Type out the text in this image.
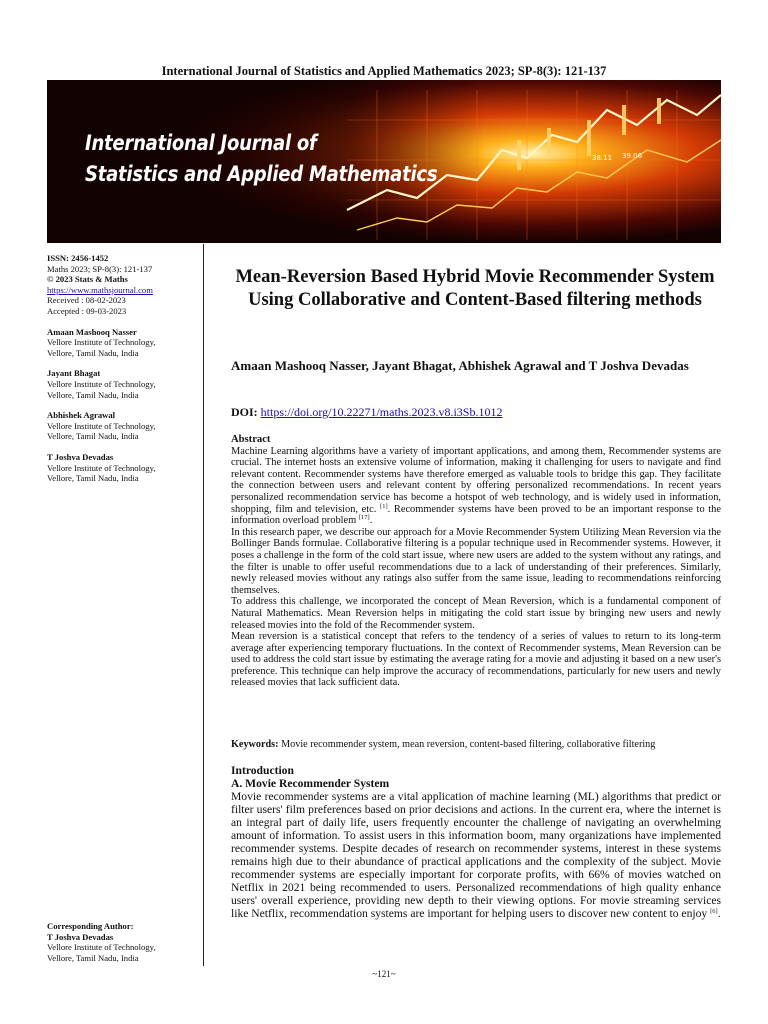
International Journal of Statistics and Applied Mathematics 2023; SP-8(3): 121-137
38.11 39.06
International Journal of
Statistics and Applied Mathematics
ISSN: 2456-1452
Maths 2023; SP-8(3): 121-137
© 2023 Stats & Maths
https://www.mathsjournal.com
Received : 08-02-2023
Accepted : 09-03-2023
Amaan Mashooq Nasser
Vellore Institute of Technology,
Vellore, Tamil Nadu, India
Jayant Bhagat
Vellore Institute of Technology,
Vellore, Tamil Nadu, India
Abhishek Agrawal
Vellore Institute of Technology,
Vellore, Tamil Nadu, India
T Joshva Devadas
Vellore Institute of Technology,
Vellore, Tamil Nadu, India
Corresponding Author:
T Joshva Devadas
Vellore Institute of Technology,
Vellore, Tamil Nadu, India
Mean-Reversion Based Hybrid Movie Recommender System Using Collaborative and Content-Based filtering methods
Amaan Mashooq Nasser, Jayant Bhagat, Abhishek Agrawal and T Joshva Devadas
DOI: https://doi.org/10.22271/maths.2023.v8.i3Sb.1012
Abstract

Machine Learning algorithms have a variety of important applications, and among them, Recommender systems are crucial. The internet hosts an extensive volume of information, making it challenging for users to navigate and find relevant content. Recommender systems have therefore emerged as valuable tools to bridge this gap. They facilitate the connection between users and relevant content by offering personalized recommendations. In recent years personalized recommendation service has become a hotspot of web technology, and is widely used in information, shopping, film and television, etc. [1]. Recommender systems have been proved to be an important response to the information overload problem [17].

In this research paper, we describe our approach for a Movie Recommender System Utilizing Mean Reversion via the Bollinger Bands formulae. Collaborative filtering is a popular technique used in Recommender systems. However, it poses a challenge in the form of the cold start issue, where new users are added to the system without any ratings, and the filter is unable to offer useful recommendations due to a lack of understanding of their preferences. Similarly, newly released movies without any ratings also suffer from the same issue, leading to recommendations reinforcing themselves.

To address this challenge, we incorporated the concept of Mean Reversion, which is a fundamental component of Natural Mathematics. Mean Reversion helps in mitigating the cold start issue by bringing new users and newly released movies into the fold of the Recommender system.

Mean reversion is a statistical concept that refers to the tendency of a series of values to return to its long-term average after experiencing temporary fluctuations. In the context of Recommender systems, Mean Reversion can be used to address the cold start issue by estimating the average rating for a movie and adjusting it based on a new user's preference. This technique can help improve the accuracy of recommendations, particularly for new users and newly released movies that lack sufficient data.

Keywords: Movie recommender system, mean reversion, content-based filtering, collaborative filtering
Introduction
A. Movie Recommender System

Movie recommender systems are a vital application of machine learning (ML) algorithms that predict or filter users' film preferences based on prior decisions and actions. In the current era, where the internet is an integral part of daily life, users frequently encounter the challenge of navigating an overwhelming amount of information. To assist users in this information boom, many organizations have implemented recommender systems. Despite decades of research on recommender systems, interest in these systems remains high due to their abundance of practical applications and the complexity of the subject. Movie recommender systems are especially important for corporate profits, with 66% of movies watched on Netflix in 2021 being recommended to users. Personalized recommendations of high quality enhance users' overall experience, providing new depth to their viewing options. For movie streaming services like Netflix, recommendation systems are important for helping users to discover new content to enjoy [6].

~121~
